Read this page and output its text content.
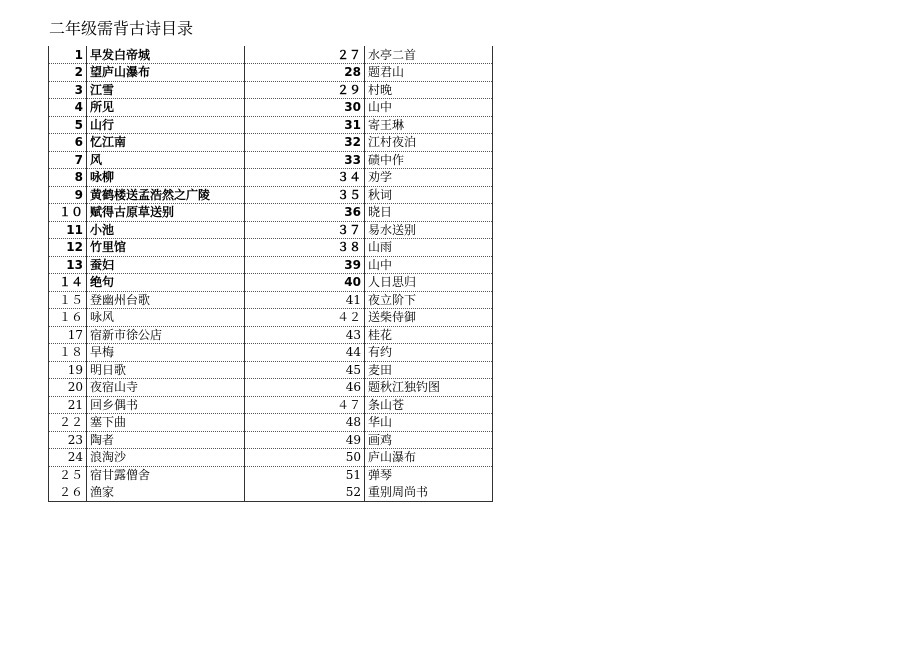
二年级需背古诗目录
1	早发白帝城	２７	水亭二首
2	望庐山瀑布	28	题君山
3	江雪	２９	村晚
4	所见	30	山中
5	山行	31	寄王琳
6	忆江南	32	江村夜泊
7	风	33	碛中作
8	咏柳	３４	劝学
9	黄鹤楼送孟浩然之广陵	３５	秋词
１０	赋得古原草送别	36	晓日
11	小池	３７	易水送别
12	竹里馆	３８	山雨
13	蚕妇	39	山中
１４	绝句	40	人日思归
１５	登幽州台歌	41	夜立阶下
１６	咏风	４２	送柴侍御
17	宿新市徐公店	43	桂花
１８	早梅	44	有约
19	明日歌	45	麦田
20	夜宿山寺	46	题秋江独钓图
21	回乡偶书	４７	条山苍
２２	塞下曲	48	华山
23	陶者	49	画鸡
24	浪淘沙	50	庐山瀑布
２５	宿甘露僧舍	51	弹琴
２６	渔家	52	重别周尚书
